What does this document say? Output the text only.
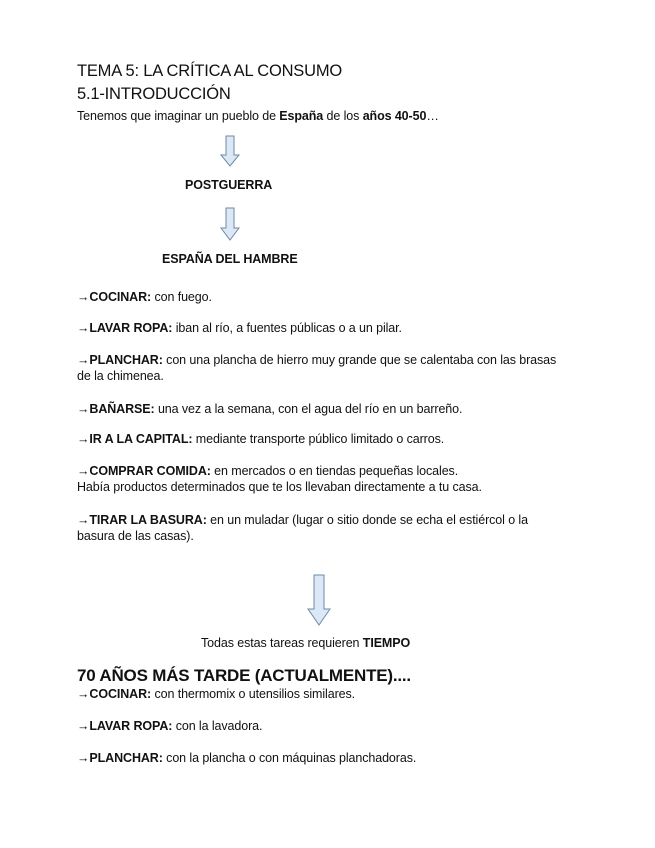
TEMA 5: LA CRÍTICA AL CONSUMO
5.1-INTRODUCCIÓN
Tenemos que imaginar un pueblo de España de los años 40-50…
POSTGUERRA
ESPAÑA DEL HAMBRE
→COCINAR: con fuego.
→LAVAR ROPA: iban al río, a fuentes públicas o a un pilar.
→PLANCHAR: con una plancha de hierro muy grande que se calentaba con las brasas de la chimenea.
→BAÑARSE: una vez a la semana, con el agua del río en un barreño.
→IR A LA CAPITAL: mediante transporte público limitado o carros.
→COMPRAR COMIDA: en mercados o en tiendas pequeñas locales.
Había productos determinados que te los llevaban directamente a tu casa.
→TIRAR LA BASURA: en un muladar (lugar o sitio donde se echa el estiércol o la basura de las casas).
Todas estas tareas requieren TIEMPO
70 AÑOS MÁS TARDE (ACTUALMENTE)....
→COCINAR: con thermomix o utensilios similares.
→LAVAR ROPA: con la lavadora.
→PLANCHAR: con la plancha o con máquinas planchadoras.
